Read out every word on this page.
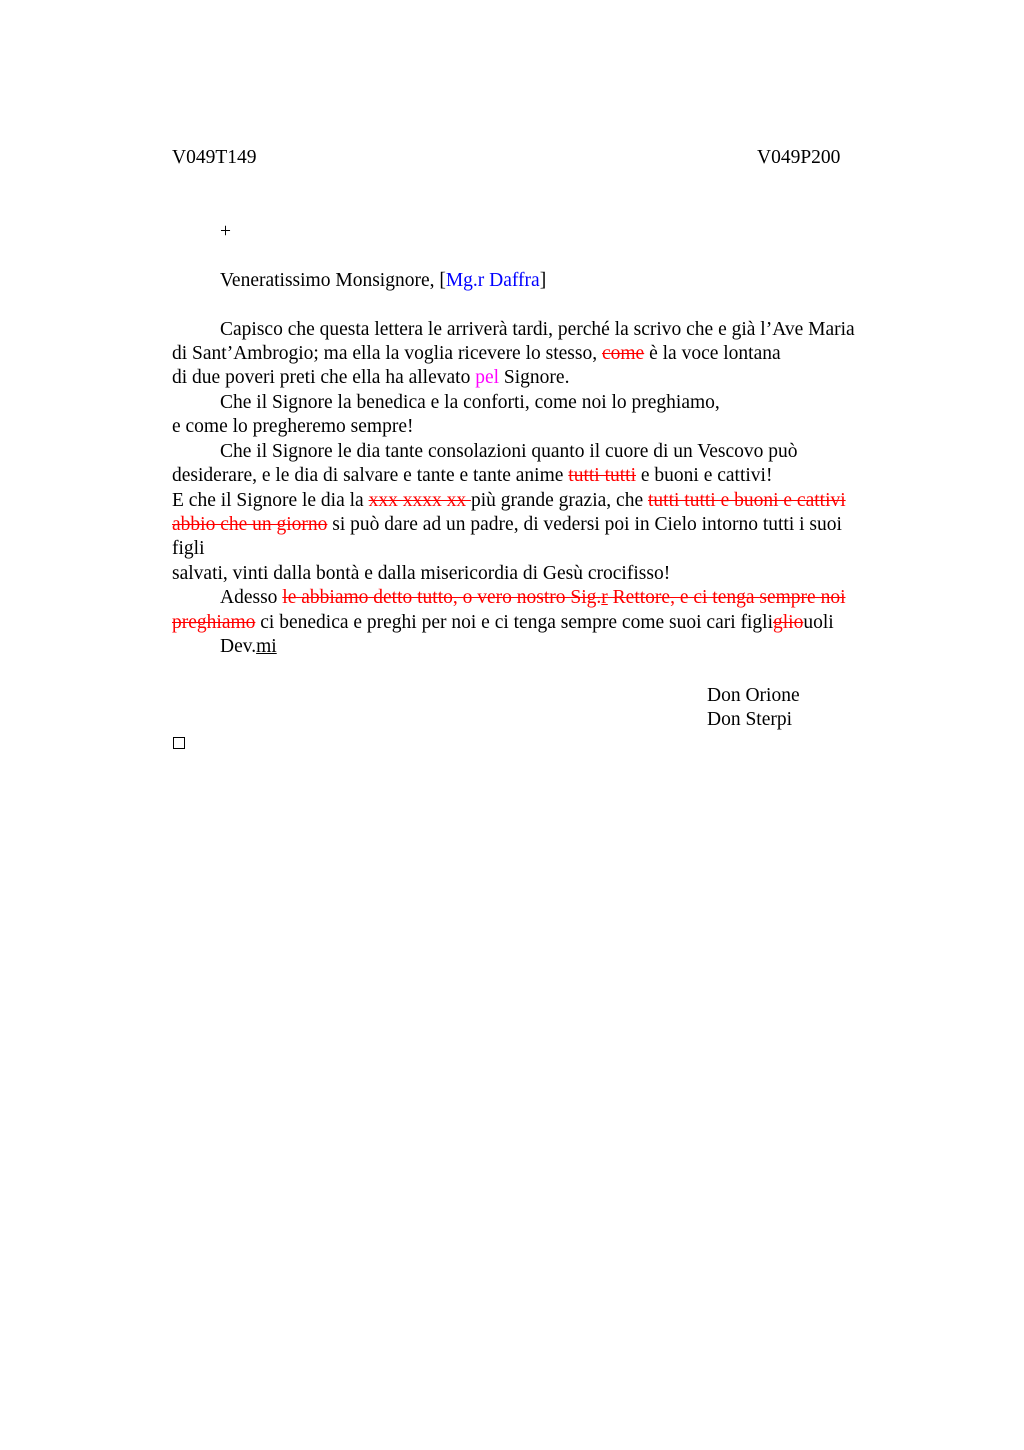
V049T149	V049P200
+
Veneratissimo Monsignore, [Mg.r Daffra]
Capisco che questa lettera le arriverà tardi, perché la scrivo che e già l’Ave Maria
di Sant’Ambrogio; ma ella la voglia ricevere lo stesso, come è la voce lontana
di due poveri preti che ella ha allevato pel Signore.
Che il Signore la benedica e la conforti, come noi lo preghiamo,
e come lo pregheremo sempre!
Che il Signore le dia tante consolazioni quanto il cuore di un Vescovo può
desiderare, e le dia di salvare e tante e tante anime tutti tutti e buoni e cattivi!
E che il Signore le dia la xxx xxxx xx più grande grazia, che tutti tutti e buoni e cattivi
abbio che un giorno si può dare ad un padre, di vedersi poi in Cielo intorno tutti i suoi
figli
salvati, vinti dalla bontà e dalla misericordia di Gesù crocifisso!
Adesso le abbiamo detto tutto, o vero nostro Sig.r Rettore, e ci tenga sempre noi
preghiamo ci benedica e preghi per noi e ci tenga sempre come suoi cari figligliouoli
Dev.mi
Don Orione
Don Sterpi
